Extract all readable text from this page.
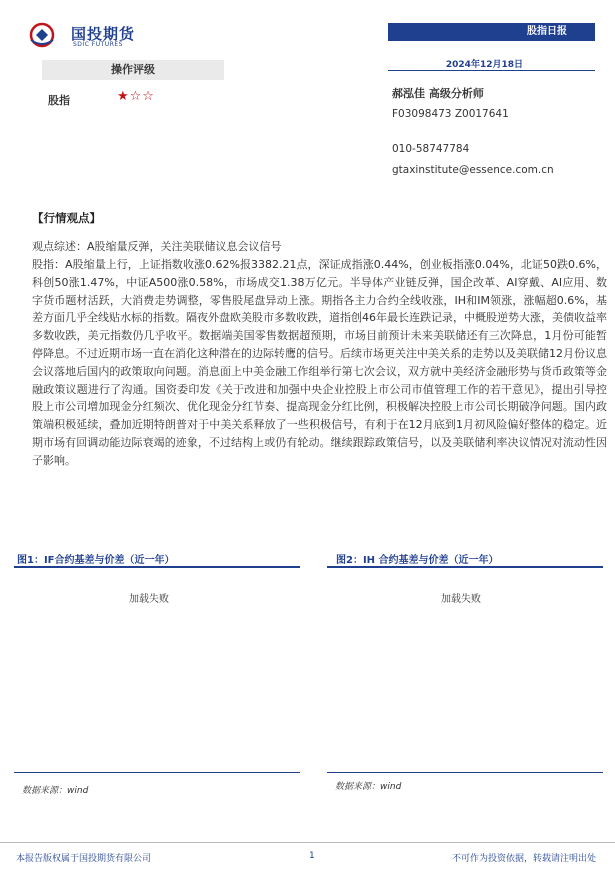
国投期货
SDIC FUTURES
股指日报
2024年12月18日
操作评级
股指	★☆☆	郝泓佳 高级分析师
F03098473 Z0017641
010-58747784
gtaxinstitute@essence.com.cn
【行情观点】
观点综述：A股缩量反弹，关注美联储议息会议信号
股指：A股缩量上行，上证指数收涨0.62%报3382.21点，深证成指涨0.44%，创业板指涨0.04%，北证50跌0.6%，科创50涨1.47%，中证A500涨0.58%，市场成交1.38万亿元。半导体产业链反弹，国企改革、AI穿戴、AI应用、数字货币题材活跃，大消费走势调整，零售股尾盘异动上涨。期指各主力合约全线收涨，IH和IM领涨，涨幅超0.6%，基差方面几乎全线贴水标的指数。隔夜外盘欧美股市多数收跌，道指创46年最长连跌记录，中概股逆势大涨，美债收益率多数收跌，美元指数仍几乎收平。数据端美国零售数据超预期，市场目前预计未来美联储还有三次降息，1月份可能暂停降息。不过近期市场一直在消化这种潜在的边际转鹰的信号。后续市场更关注中美关系的走势以及美联储12月份议息会议落地后国内的政策取向问题。消息面上中美金融工作组举行第七次会议，双方就中美经济金融形势与货币政策等金融政策议题进行了沟通。国资委印发《关于改进和加强中央企业控股上市公司市值管理工作的若干意见》，提出引导控股上市公司增加现金分红频次、优化现金分红节奏、提高现金分红比例，积极解决控股上市公司长期破净问题。国内政策端积极延续，叠加近期特朗普对于中美关系释放了一些积极信号，有利于在12月底到1月初风险偏好整体的稳定。近期市场有回调动能边际衰竭的迹象，不过结构上或仍有轮动。继续跟踪政策信号，以及美联储利率决议情况对流动性因子影响。
图1：IF合约基差与价差（近一年）
加载失败
数据来源：wind
图2：IH 合约基差与价差（近一年）
加载失败
数据来源：wind
本报告版权属于国投期货有限公司	1	不可作为投资依据，转载请注明出处
